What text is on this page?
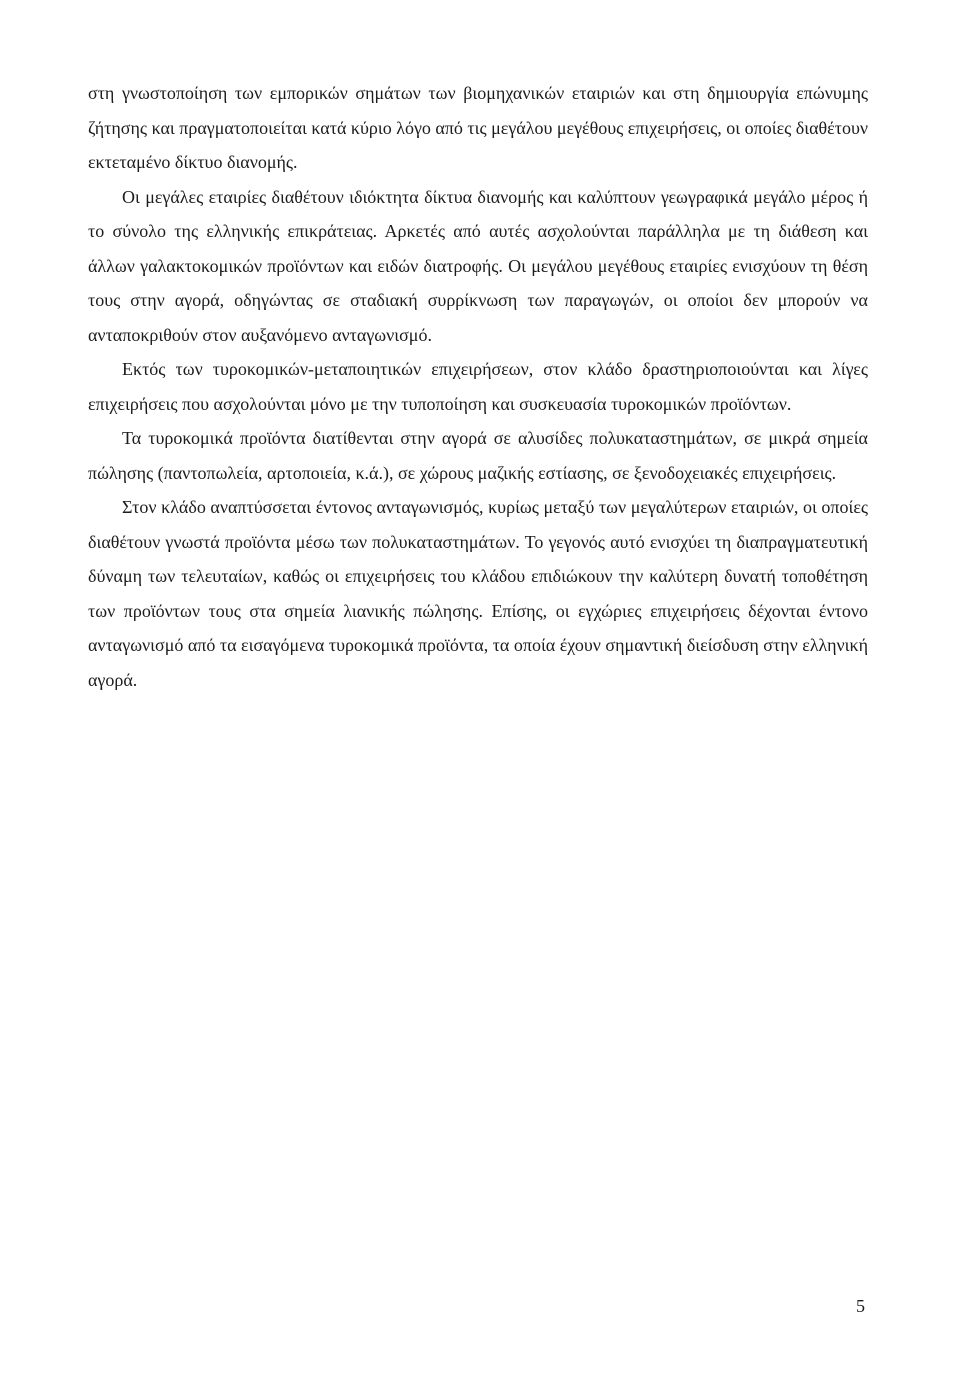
στη γνωστοποίηση των εμπορικών σημάτων των βιομηχανικών εταιριών και στη δημιουργία επώνυμης ζήτησης και πραγματοποιείται κατά κύριο λόγο από τις μεγάλου μεγέθους επιχειρήσεις, οι οποίες διαθέτουν εκτεταμένο δίκτυο διανομής.

Οι μεγάλες εταιρίες διαθέτουν ιδιόκτητα δίκτυα διανομής και καλύπτουν γεωγραφικά μεγάλο μέρος ή το σύνολο της ελληνικής επικράτειας. Αρκετές από αυτές ασχολούνται παράλληλα με τη διάθεση και άλλων γαλακτοκομικών προϊόντων και ειδών διατροφής. Οι μεγάλου μεγέθους εταιρίες ενισχύουν τη θέση τους στην αγορά, οδηγώντας σε σταδιακή συρρίκνωση των παραγωγών, οι οποίοι δεν μπορούν να ανταποκριθούν στον αυξανόμενο ανταγωνισμό.

Εκτός των τυροκομικών-μεταποιητικών επιχειρήσεων, στον κλάδο δραστηριοποιούνται και λίγες επιχειρήσεις που ασχολούνται μόνο με την τυποποίηση και συσκευασία τυροκομικών προϊόντων.

Τα τυροκομικά προϊόντα διατίθενται στην αγορά σε αλυσίδες πολυκαταστημάτων, σε μικρά σημεία πώλησης (παντοπωλεία, αρτοποιεία, κ.ά.), σε χώρους μαζικής εστίασης, σε ξενοδοχειακές επιχειρήσεις.

Στον κλάδο αναπτύσσεται έντονος ανταγωνισμός, κυρίως μεταξύ των μεγαλύτερων εταιριών, οι οποίες διαθέτουν γνωστά προϊόντα μέσω των πολυκαταστημάτων. Το γεγονός αυτό ενισχύει τη διαπραγματευτική δύναμη των τελευταίων, καθώς οι επιχειρήσεις του κλάδου επιδιώκουν την καλύτερη δυνατή τοποθέτηση των προϊόντων τους στα σημεία λιανικής πώλησης. Επίσης, οι εγχώριες επιχειρήσεις δέχονται έντονο ανταγωνισμό από τα εισαγόμενα τυροκομικά προϊόντα, τα οποία έχουν σημαντική διείσδυση στην ελληνική αγορά.

5
